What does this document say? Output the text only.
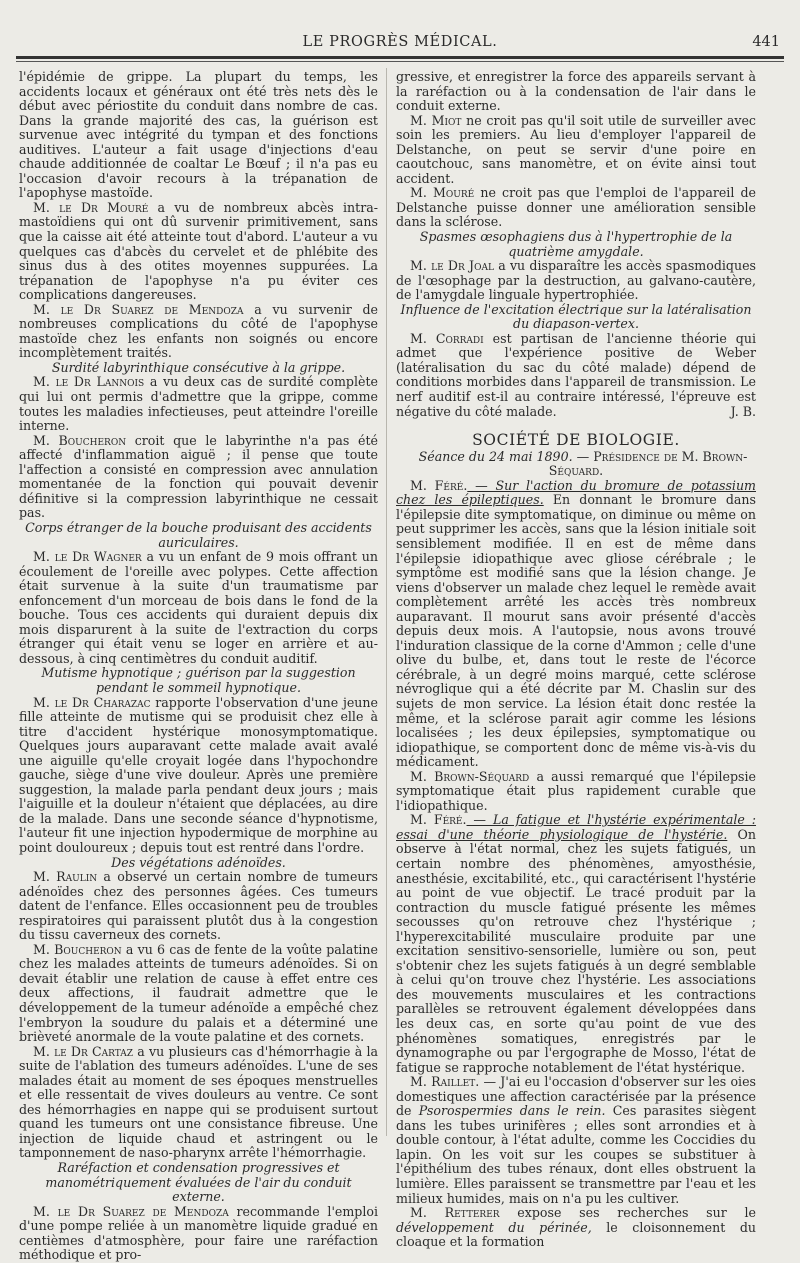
LE PROGRÈS MÉDICAL.	441

l'épidémie de grippe. La plupart du temps, les accidents locaux et généraux ont été très nets dès le début avec périostite du conduit dans nombre de cas. Dans la grande majorité des cas, la guérison est survenue avec intégrité du tympan et des fonctions auditives. L'auteur a fait usage d'injections d'eau chaude additionnée de coaltar Le Bœuf ; il n'a pas eu l'occasion d'avoir recours à la trépanation de l'apophyse mastoïde.

M. le Dr Mouré a vu de nombreux abcès intra-mastoïdiens qui ont dû survenir primitivement, sans que la caisse ait été atteinte tout d'abord. L'auteur a vu quelques cas d'abcès du cervelet et de phlébite des sinus dus à des otites moyennes suppurées. La trépanation de l'apophyse n'a pu éviter ces complications dangereuses.

M. le Dr Suarez de Mendoza a vu survenir de nombreuses complications du côté de l'apophyse mastoïde chez les enfants non soignés ou encore incomplètement traités.

Surdité labyrinthique consécutive à la grippe.

M. le Dr Lannois a vu deux cas de surdité complète qui lui ont permis d'admettre que la grippe, comme toutes les maladies infectieuses, peut atteindre l'oreille interne.

M. Boucheron croit que le labyrinthe n'a pas été affecté d'inflammation aiguë ; il pense que toute l'affection a consisté en compression avec annulation momentanée de la fonction qui pouvait devenir définitive si la compression labyrinthique ne cessait pas.

Corps étranger de la bouche produisant des accidents auriculaires.

M. le Dr Wagner a vu un enfant de 9 mois offrant un écoulement de l'oreille avec polypes. Cette affection était survenue à la suite d'un traumatisme par enfoncement d'un morceau de bois dans le fond de la bouche. Tous ces accidents qui duraient depuis dix mois disparurent à la suite de l'extraction du corps étranger qui était venu se loger en arrière et au-dessous, à cinq centimètres du conduit auditif.

Mutisme hypnotique ; guérison par la suggestion pendant le sommeil hypnotique.

M. le Dr Charazac rapporte l'observation d'une jeune fille atteinte de mutisme qui se produisit chez elle à titre d'accident hystérique monosymptomatique. Quelques jours auparavant cette malade avait avalé une aiguille qu'elle croyait logée dans l'hypochondre gauche, siège d'une vive douleur. Après une première suggestion, la malade parla pendant deux jours ; mais l'aiguille et la douleur n'étaient que déplacées, au dire de la malade. Dans une seconde séance d'hypnotisme, l'auteur fit une injection hypodermique de morphine au point douloureux ; depuis tout est rentré dans l'ordre.

Des végétations adénoïdes.

M. Raulin a observé un certain nombre de tumeurs adénoïdes chez des personnes âgées. Ces tumeurs datent de l'enfance. Elles occasionnent peu de troubles respiratoires qui paraissent plutôt dus à la congestion du tissu caverneux des cornets.

M. Boucheron a vu 6 cas de fente de la voûte palatine chez les malades atteints de tumeurs adénoïdes. Si on devait établir une relation de cause à effet entre ces deux affections, il faudrait admettre que le développement de la tumeur adénoïde a empêché chez l'embryon la soudure du palais et a déterminé une brièveté anormale de la voute palatine et des cornets.

M. le Dr Cartaz a vu plusieurs cas d'hémorrhagie à la suite de l'ablation des tumeurs adénoïdes. L'une de ses malades était au moment de ses époques menstruelles et elle ressentait de vives douleurs au ventre. Ce sont des hémorrhagies en nappe qui se produisent surtout quand les tumeurs ont une consistance fibreuse. Une injection de liquide chaud et astringent ou le tamponnement de naso-pharynx arrête l'hémorrhagie.

Raréfaction et condensation progressives et manométriquement évaluées de l'air du conduit externe.

M. le Dr Suarez de Mendoza recommande l'emploi d'une pompe reliée à un manomètre liquide gradué en centièmes d'atmosphère, pour faire une raréfaction méthodique et pro-

gressive, et enregistrer la force des appareils servant à la raréfaction ou à la condensation de l'air dans le conduit externe.

M. Miot ne croit pas qu'il soit utile de surveiller avec soin les premiers. Au lieu d'employer l'appareil de Delstanche, on peut se servir d'une poire en caoutchouc, sans manomètre, et on évite ainsi tout accident.

M. Mouré ne croit pas que l'emploi de l'appareil de Delstanche puisse donner une amélioration sensible dans la sclérose.

Spasmes œsophagiens dus à l'hypertrophie de la quatrième amygdale.

M. le Dr Joal a vu disparaître les accès spasmodiques de l'œsophage par la destruction, au galvano-cautère, de l'amygdale linguale hypertrophiée.

Influence de l'excitation électrique sur la latéralisation du diapason-vertex.

M. Corradi est partisan de l'ancienne théorie qui admet que l'expérience positive de Weber (latéralisation du sac du côté malade) dépend de conditions morbides dans l'appareil de transmission. Le nerf auditif est-il au contraire intéressé, l'épreuve est négative du côté malade.	J. B.

SOCIÉTÉ DE BIOLOGIE.

Séance du 24 mai 1890. — Présidence de M. Brown-Séquard.

M. Féré. — Sur l'action du bromure de potassium chez les épileptiques. En donnant le bromure dans l'épilepsie dite symptomatique, on diminue ou même on peut supprimer les accès, sans que la lésion initiale soit sensiblement modifiée. Il en est de même dans l'épilepsie idiopathique avec gliose cérébrale ; le symptôme est modifié sans que la lésion change. Je viens d'observer un malade chez lequel le remède avait complètement arrêté les accès très nombreux auparavant. Il mourut sans avoir présenté d'accès depuis deux mois. A l'autopsie, nous avons trouvé l'induration classique de la corne d'Ammon ; celle d'une olive du bulbe, et, dans tout le reste de l'écorce cérébrale, à un degré moins marqué, cette sclérose névroglique qui a été décrite par M. Chaslin sur des sujets de mon service. La lésion était donc restée la même, et la sclérose parait agir comme les lésions localisées ; les deux épilepsies, symptomatique ou idiopathique, se comportent donc de même vis-à-vis du médicament.

M. Brown-Séquard a aussi remarqué que l'épilepsie symptomatique était plus rapidement curable que l'idiopathique.

M. Féré. — La fatigue et l'hystérie expérimentale : essai d'une théorie physiologique de l'hystérie. On observe à l'état normal, chez les sujets fatigués, un certain nombre des phénomènes, amyosthésie, anesthésie, excitabilité, etc., qui caractérisent l'hystérie au point de vue objectif. Le tracé produit par la contraction du muscle fatigué présente les mêmes secousses qu'on retrouve chez l'hystérique ; l'hyperexcitabilité musculaire produite par une excitation sensitivo-sensorielle, lumière ou son, peut s'obtenir chez les sujets fatigués à un degré semblable à celui qu'on trouve chez l'hystérie. Les associations des mouvements musculaires et les contractions parallèles se retrouvent également développées dans les deux cas, en sorte qu'au point de vue des phénomènes somatiques, enregistrés par le dynamographe ou par l'ergographe de Mosso, l'état de fatigue se rapproche notablement de l'état hystérique.

M. Raillet. — J'ai eu l'occasion d'observer sur les oies domestiques une affection caractérisée par la présence de Psorospermies dans le rein. Ces parasites siègent dans les tubes urinifères ; elles sont arrondies et à double contour, à l'état adulte, comme les Coccidies du lapin. On les voit sur les coupes se substituer à l'épithélium des tubes rénaux, dont elles obstruent la lumière. Elles paraissent se transmettre par l'eau et les milieux humides, mais on n'a pu les cultiver.

M. Retterer expose ses recherches sur le développement du périnée, le cloisonnement du cloaque et la formation
